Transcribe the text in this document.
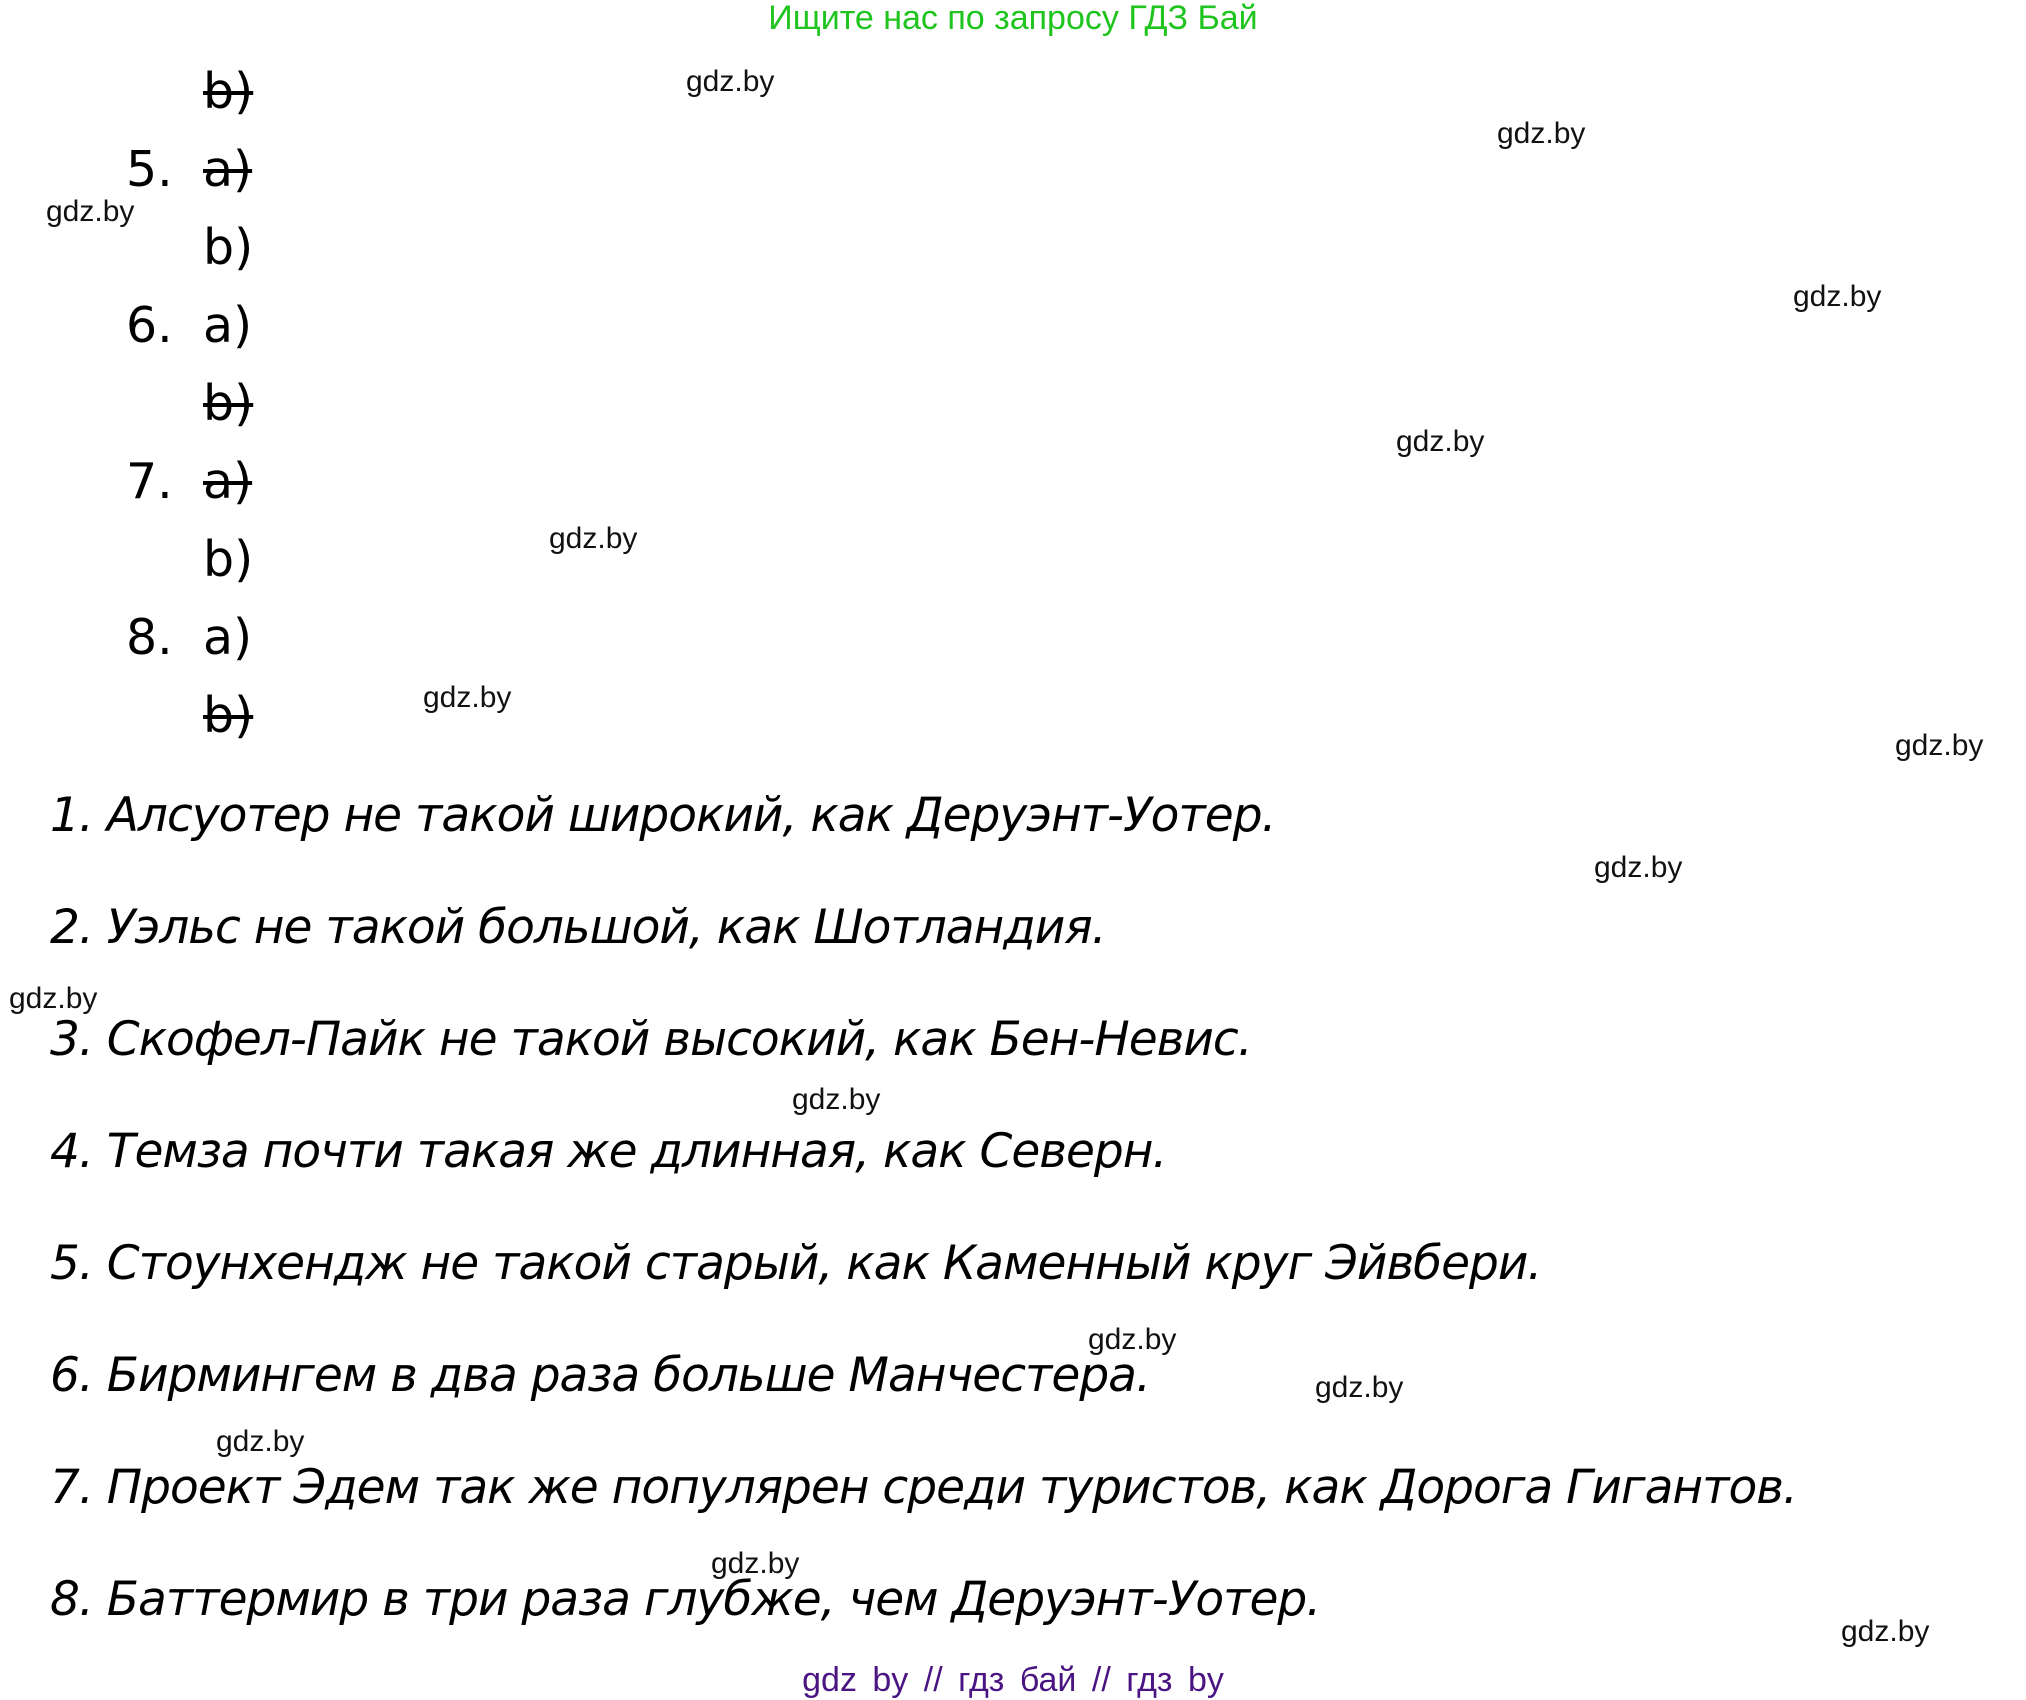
Ищите нас по запросу ГДЗ Бай
b)
5. a)
b)
6. a)
b)
7. a)
b)
8. a)
b)
1. Алсуотер не такой широкий, как Деруэнт-Уотер.
2. Уэльс не такой большой, как Шотландия.
3. Скофел-Пайк не такой высокий, как Бен-Невис.
4. Темза почти такая же длинная, как Северн.
5. Стоунхендж не такой старый, как Каменный круг Эйвбери.
6. Бирмингем в два раза больше Манчестера.
7. Проект Эдем так же популярен среди туристов, как Дорога Гигантов.
8. Баттермир в три раза глубже, чем Деруэнт-Уотер.
gdz.by
gdz.by
gdz.by
gdz.by
gdz.by
gdz.by
gdz.by
gdz.by
gdz.by
gdz.by
gdz.by
gdz.by
gdz.by
gdz.by
gdz.by
gdz.by
gdz by // гдз бай // гдз by
